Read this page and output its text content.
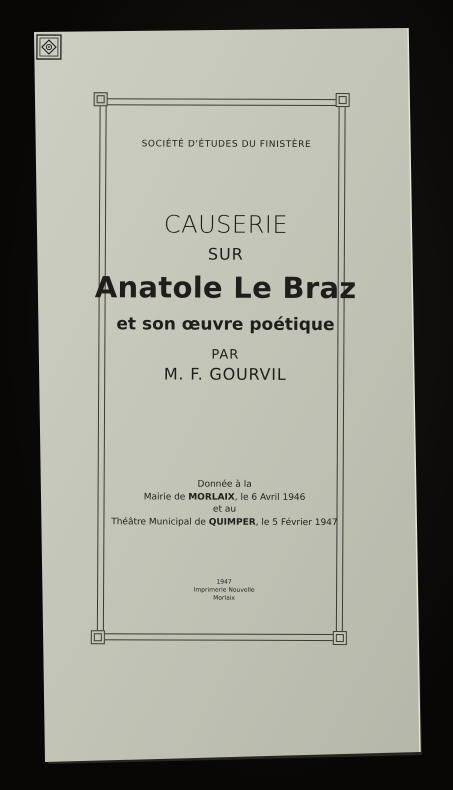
SOCIÉTÉ D'ÉTUDES DU FINISTÈRE
CAUSERIE
SUR
Anatole Le Braz
et son œuvre poétique
PAR
M. F. GOURVIL
Donnée à la
Mairie de MORLAIX, le 6 Avril 1946
et au
Théâtre Municipal de QUIMPER, le 5 Février 1947
1947
Imprimerie Nouvelle
Morlaix
